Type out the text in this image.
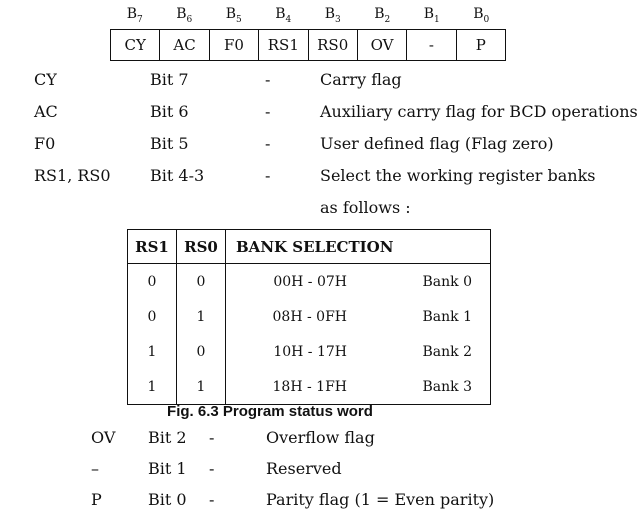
$B_7$	$B_6$	$B_5$	$B_4$	$B_3$	$B_2$	$B_1$	$B_0$
CY	AC	F0	RS1	RS0	OV	-	P
CY	Bit 7	-	Carry flag
AC	Bit 6	-	Auxiliary carry flag for BCD operations
F0	Bit 5	-	User defined flag (Flag zero)
RS1, RS0 Bit 4-3	-	Select the working register banks
as follows :
RS1	RS0	BANK SELECTION	
0	0	00H - 07H	Bank 0
0	1	08H - 0FH	Bank 1
1	0	10H - 17H	Bank 2
1	1	18H - 1FH	Bank 3
Fig. 6.3 Program status word
OV Bit 2 -	Overflow flag
–	Bit 1 -	Reserved
P	Bit 0 -	Parity flag (1 = Even parity)
